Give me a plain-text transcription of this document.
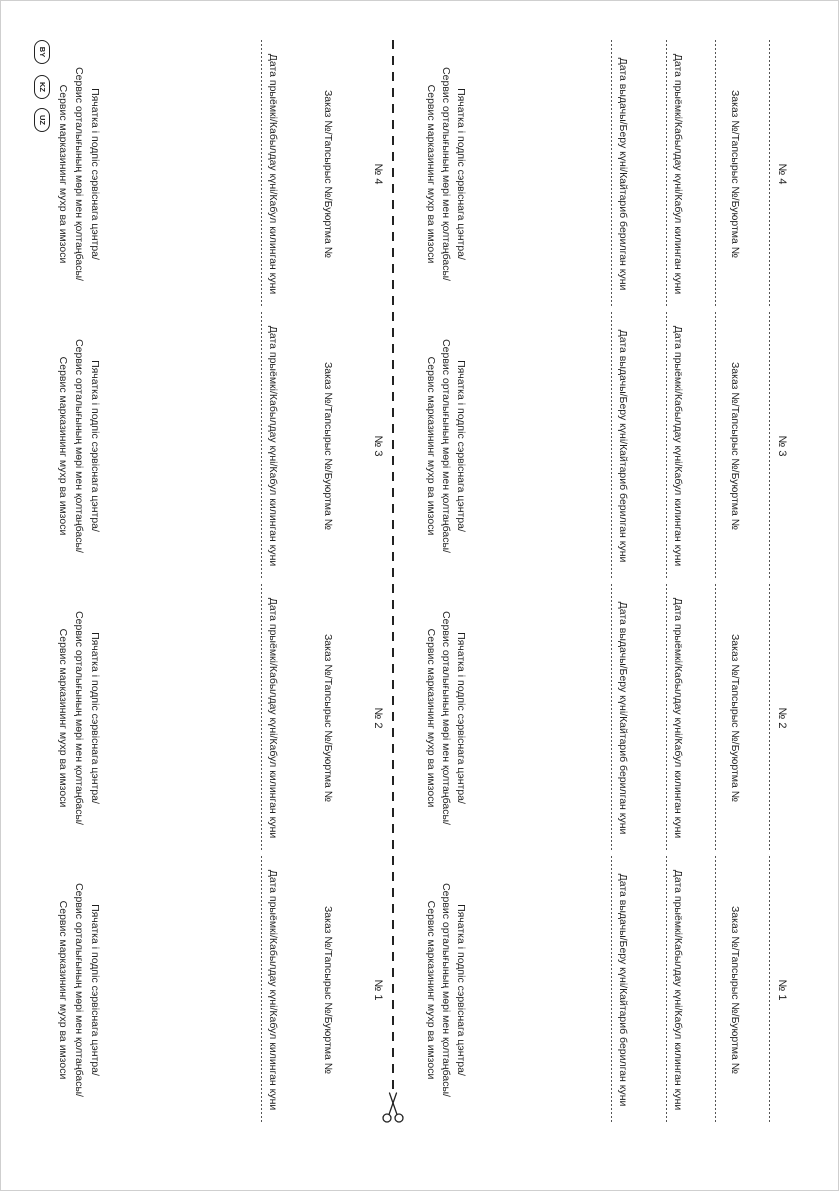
№ 4
Заказ №/Тапсырыс №/Буюртма №
Дата прыёмкі/Кабылдау күні/Кабул килинган куни
Дата выдачы/Беру күні/Кайтариб берилган куни
Пячатка і подпіс сэрвіснага цэнтра/
Сервис орталығының мөрі мен қолтаңбасы/
Сервис марказининг мухр ва имзоси
№ 4
Заказ №/Тапсырыс №/Буюртма №
Дата прыёмкі/Кабылдау күні/Кабул килинган куни
Пячатка і подпіс сэрвіснага цэнтра/
Сервис орталығының мөрі мен қолтаңбасы/
Сервис марказининг мухр ва имзоси
№ 3
Заказ №/Тапсырыс №/Буюртма №
Дата прыёмкі/Кабылдау күні/Кабул килинган куни
Дата выдачы/Беру күні/Кайтариб берилган куни
Пячатка і подпіс сэрвіснага цэнтра/
Сервис орталығының мөрі мен қолтаңбасы/
Сервис марказининг мухр ва имзоси
№ 3
Заказ №/Тапсырыс №/Буюртма №
Дата прыёмкі/Кабылдау күні/Кабул килинган куни
Пячатка і подпіс сэрвіснага цэнтра/
Сервис орталығының мөрі мен қолтаңбасы/
Сервис марказининг мухр ва имзоси
№ 2
Заказ №/Тапсырыс №/Буюртма №
Дата прыёмкі/Кабылдау күні/Кабул килинган куни
Дата выдачы/Беру күні/Кайтариб берилган куни
Пячатка і подпіс сэрвіснага цэнтра/
Сервис орталығының мөрі мен қолтаңбасы/
Сервис марказининг мухр ва имзоси
№ 2
Заказ №/Тапсырыс №/Буюртма №
Дата прыёмкі/Кабылдау күні/Кабул килинган куни
Пячатка і подпіс сэрвіснага цэнтра/
Сервис орталығының мөрі мен қолтаңбасы/
Сервис марказининг мухр ва имзоси
№ 1
Заказ №/Тапсырыс №/Буюртма №
Дата прыёмкі/Кабылдау күні/Кабул килинган куни
Дата выдачы/Беру күні/Кайтариб берилган куни
Пячатка і подпіс сэрвіснага цэнтра/
Сервис орталығының мөрі мен қолтаңбасы/
Сервис марказининг мухр ва имзоси
№ 1
Заказ №/Тапсырыс №/Буюртма №
Дата прыёмкі/Кабылдау күні/Кабул килинган куни
Пячатка і подпіс сэрвіснага цэнтра/
Сервис орталығының мөрі мен қолтаңбасы/
Сервис марказининг мухр ва имзоси
BY
KZ
UZ
